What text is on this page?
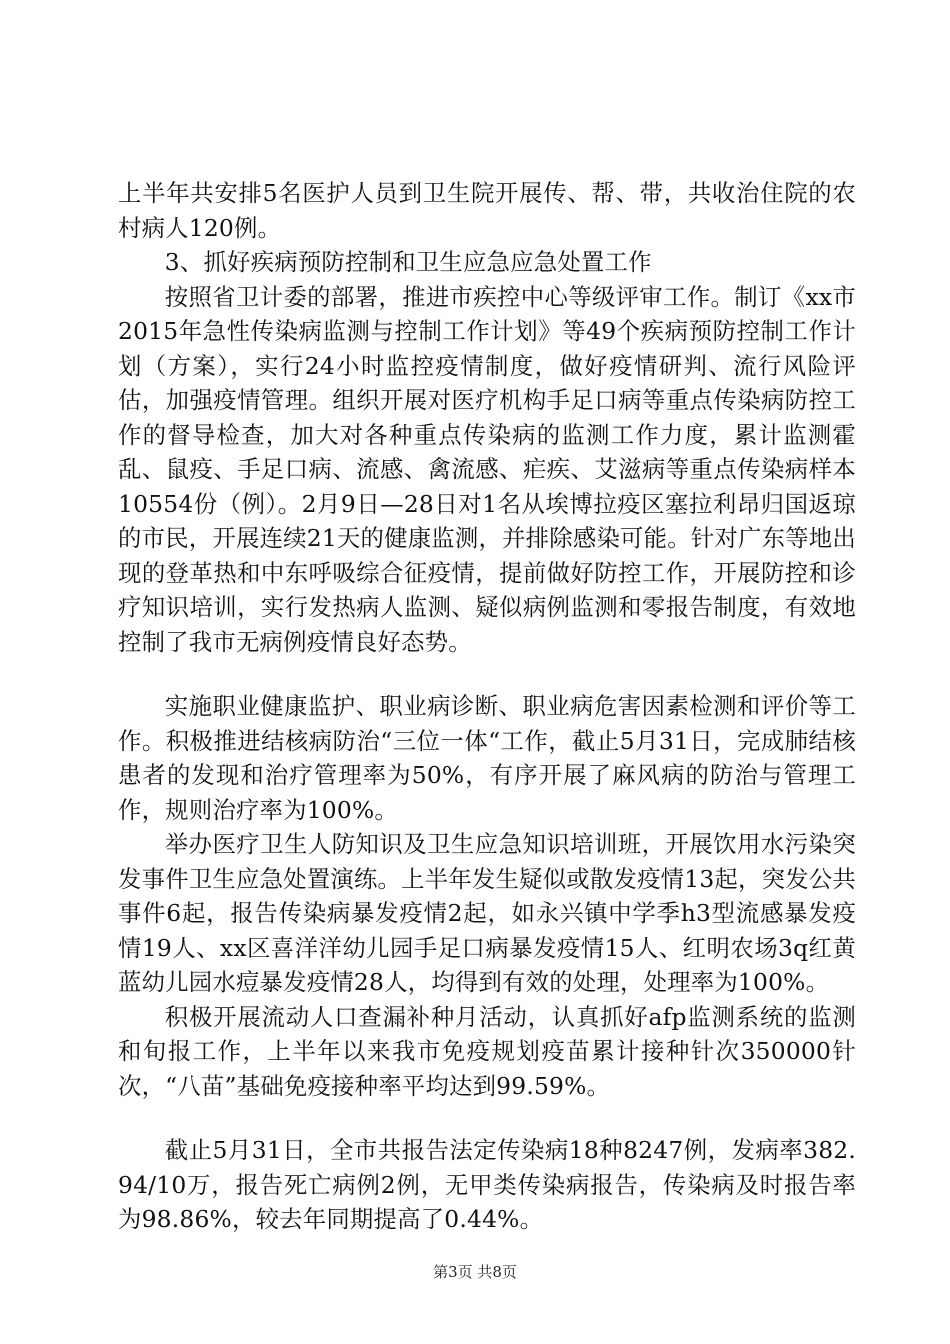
上半年共安排5名医护人员到卫生院开展传、帮、带，共收治住院的农村病人120例。

3、抓好疾病预防控制和卫生应急应急处置工作

按照省卫计委的部署，推进市疾控中心等级评审工作。制订《xx市2015年急性传染病监测与控制工作计划》等49个疾病预防控制工作计划（方案），实行24小时监控疫情制度，做好疫情研判、流行风险评估，加强疫情管理。组织开展对医疗机构手足口病等重点传染病防控工作的督导检查，加大对各种重点传染病的监测工作力度，累计监测霍乱、鼠疫、手足口病、流感、禽流感、疟疾、艾滋病等重点传染病样本10554份（例）。2月9日—28日对1名从埃博拉疫区塞拉利昂归国返琼的市民，开展连续21天的健康监测，并排除感染可能。针对广东等地出现的登革热和中东呼吸综合征疫情，提前做好防控工作，开展防控和诊疗知识培训，实行发热病人监测、疑似病例监测和零报告制度，有效地控制了我市无病例疫情良好态势。

实施职业健康监护、职业病诊断、职业病危害因素检测和评价等工作。积极推进结核病防治“三位一体“工作，截止5月31日，完成肺结核患者的发现和治疗管理率为50%，有序开展了麻风病的防治与管理工作，规则治疗率为100%。

举办医疗卫生人防知识及卫生应急知识培训班，开展饮用水污染突发事件卫生应急处置演练。上半年发生疑似或散发疫情13起，突发公共事件6起，报告传染病暴发疫情2起，如永兴镇中学季h3型流感暴发疫情19人、xx区喜洋洋幼儿园手足口病暴发疫情15人、红明农场3q红黄蓝幼儿园水痘暴发疫情28人，均得到有效的处理，处理率为100%。

积极开展流动人口查漏补种月活动，认真抓好afp监测系统的监测和旬报工作，上半年以来我市免疫规划疫苗累计接种针次350000针次，“八苗”基础免疫接种率平均达到99.59%。

截止5月31日，全市共报告法定传染病18种8247例，发病率382.94/10万，报告死亡病例2例，无甲类传染病报告，传染病及时报告率为98.86%，较去年同期提高了0.44%。

第3页 共8页
